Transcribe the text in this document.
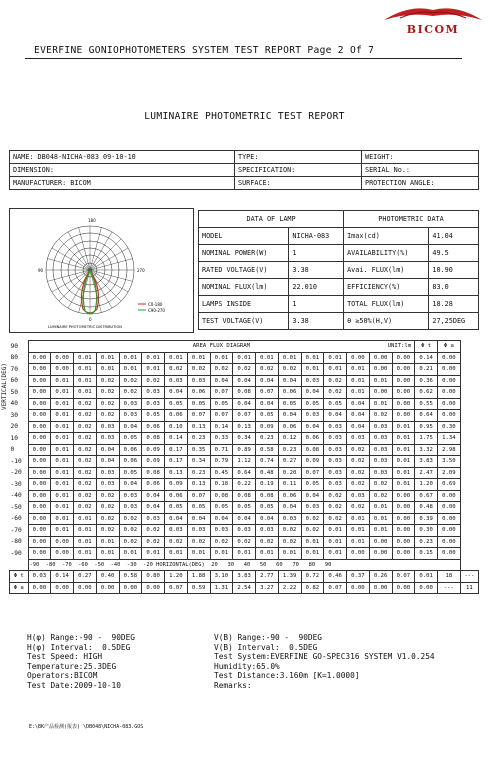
BICOM
EVERFINE GONIOPHOTOMETERS SYSTEM TEST REPORT Page 2 Of 7
LUMINAIRE PHOTOMETRIC TEST REPORT
NAME: DB048-NICHA-083 09-10-10	TYPE:	WEIGHT:
DIMENSION:	SPECIFICATION:	SERIAL No.:
MANUFACTURER: BICOM	SURFACE:	PROTECTION ANGLE:
180
90	270
0
C0-180
C90-270
LUMINAIRE PHOTOMETRIC DISTRIBUTION
DATA OF LAMP		PHOTOMETRIC DATA	
MODEL	NICHA-083	Imax(cd)	41.04
NOMINAL POWER(W)	1	AVAILABILITY(%)	49.5
RATED VOLTAGE(V)	3.38	Avai. FLUX(lm)	10.90
NOMINAL FLUX(lm)	22.010	EFFICIENCY(%)	83.0
LAMPS INSIDE	1	TOTAL FLUX(lm)	18.28
TEST VOLTAGE(V)	3.38	θ ≥50%(H,V)	27,25DEG
VERTICAL(DEG)
90	AREA FLUX DIAGRAM UNIT:lm																	Φ t	Φ a	
80	0.00	0.00	0.01	0.01	0.01	0.01	0.01	0.01	0.01	0.01	0.01	0.01	0.01	0.01	0.00	0.00	0.00	0.14	0.00	
70	0.00	0.00	0.01	0.01	0.01	0.01	0.02	0.02	0.02	0.02	0.02	0.02	0.01	0.01	0.01	0.00	0.00	0.21	0.00	
60	0.00	0.01	0.01	0.02	0.02	0.02	0.03	0.03	0.04	0.04	0.04	0.04	0.03	0.02	0.01	0.01	0.00	0.36	0.00	
50	0.00	0.01	0.01	0.02	0.02	0.03	0.04	0.06	0.07	0.08	0.07	0.06	0.04	0.02	0.01	0.00	0.00	0.62	0.00	
40	0.00	0.01	0.02	0.02	0.03	0.03	0.05	0.05	0.05	0.04	0.04	0.05	0.05	0.05	0.04	0.01	0.00	0.55	0.00	
30	0.00	0.01	0.02	0.02	0.03	0.05	0.06	0.07	0.07	0.07	0.05	0.04	0.03	0.04	0.04	0.02	0.00	0.64	0.00	
20	0.00	0.01	0.02	0.03	0.04	0.06	0.10	0.13	0.14	0.13	0.09	0.06	0.04	0.03	0.04	0.03	0.01	0.95	0.30	
10	0.00	0.01	0.02	0.03	0.05	0.08	0.14	0.23	0.33	0.34	0.23	0.12	0.06	0.03	0.03	0.03	0.01	1.75	1.34	
0	0.00	0.01	0.02	0.04	0.06	0.09	0.17	0.35	0.71	0.89	0.58	0.23	0.08	0.03	0.02	0.03	0.01	3.32	2.98	
-10	0.00	0.01	0.02	0.04	0.06	0.09	0.17	0.34	0.79	1.12	0.74	0.27	0.09	0.03	0.02	0.03	0.01	3.83	3.50	
-20	0.00	0.01	0.02	0.03	0.05	0.08	0.13	0.23	0.45	0.64	0.48	0.20	0.07	0.03	0.02	0.03	0.01	2.47	2.09	
-30	0.00	0.01	0.02	0.03	0.04	0.06	0.09	0.13	0.18	0.22	0.19	0.11	0.05	0.03	0.02	0.02	0.01	1.20	0.69	
-40	0.00	0.01	0.02	0.02	0.03	0.04	0.06	0.07	0.08	0.08	0.08	0.06	0.04	0.02	0.03	0.02	0.00	0.67	0.00	
-50	0.00	0.01	0.02	0.02	0.03	0.04	0.05	0.05	0.05	0.05	0.05	0.04	0.03	0.02	0.02	0.01	0.00	0.48	0.00	
-60	0.00	0.01	0.01	0.02	0.02	0.03	0.04	0.04	0.04	0.04	0.04	0.03	0.02	0.02	0.01	0.01	0.00	0.39	0.00	
-70	0.00	0.01	0.01	0.02	0.02	0.02	0.03	0.03	0.03	0.03	0.03	0.02	0.02	0.01	0.01	0.01	0.00	0.30	0.00	
-80	0.00	0.00	0.01	0.01	0.02	0.02	0.02	0.02	0.02	0.02	0.02	0.02	0.01	0.01	0.01	0.00	0.00	0.23	0.00	
-90	0.00	0.00	0.01	0.01	0.01	0.01	0.01	0.01	0.01	0.01	0.01	0.01	0.01	0.01	0.00	0.00	0.00	0.15	0.00	
	-90  -80  -70  -60  -50  -40  -30  -20 HORIZONTAL(DEG)  20   30   40   50   60   70   80   90																			
Φ t	0.03	0.14	0.27	0.40	0.58	0.80	1.20	1.88	3.10	3.83	2.77	1.39	0.72	0.46	0.37	0.26	0.07	0.01	18	---
Φ a	0.00	0.00	0.00	0.00	0.00	0.00	0.07	0.59	1.31	2.54	3.27	2.22	0.82	0.07	0.00	0.00	0.00	0.00	---	11
H(φ) Range:-90 -  90DEG
H(φ) Interval:  0.5DEG
Test Speed: HIGH
Temperature:25.3DEG
Operators:BICOM
Test Date:2009-10-10
V(B) Range:-90 -  90DEG
V(B) Interval:  0.5DEG
Test System:EVERFINE GO-SPEC316 SYSTEM V1.0.254
Humidity:65.0%
Test Distance:3.160m [K=1.0000]
Remarks:
E:\BK产品检测(报表) \DB048\NICHA-083.GOS
